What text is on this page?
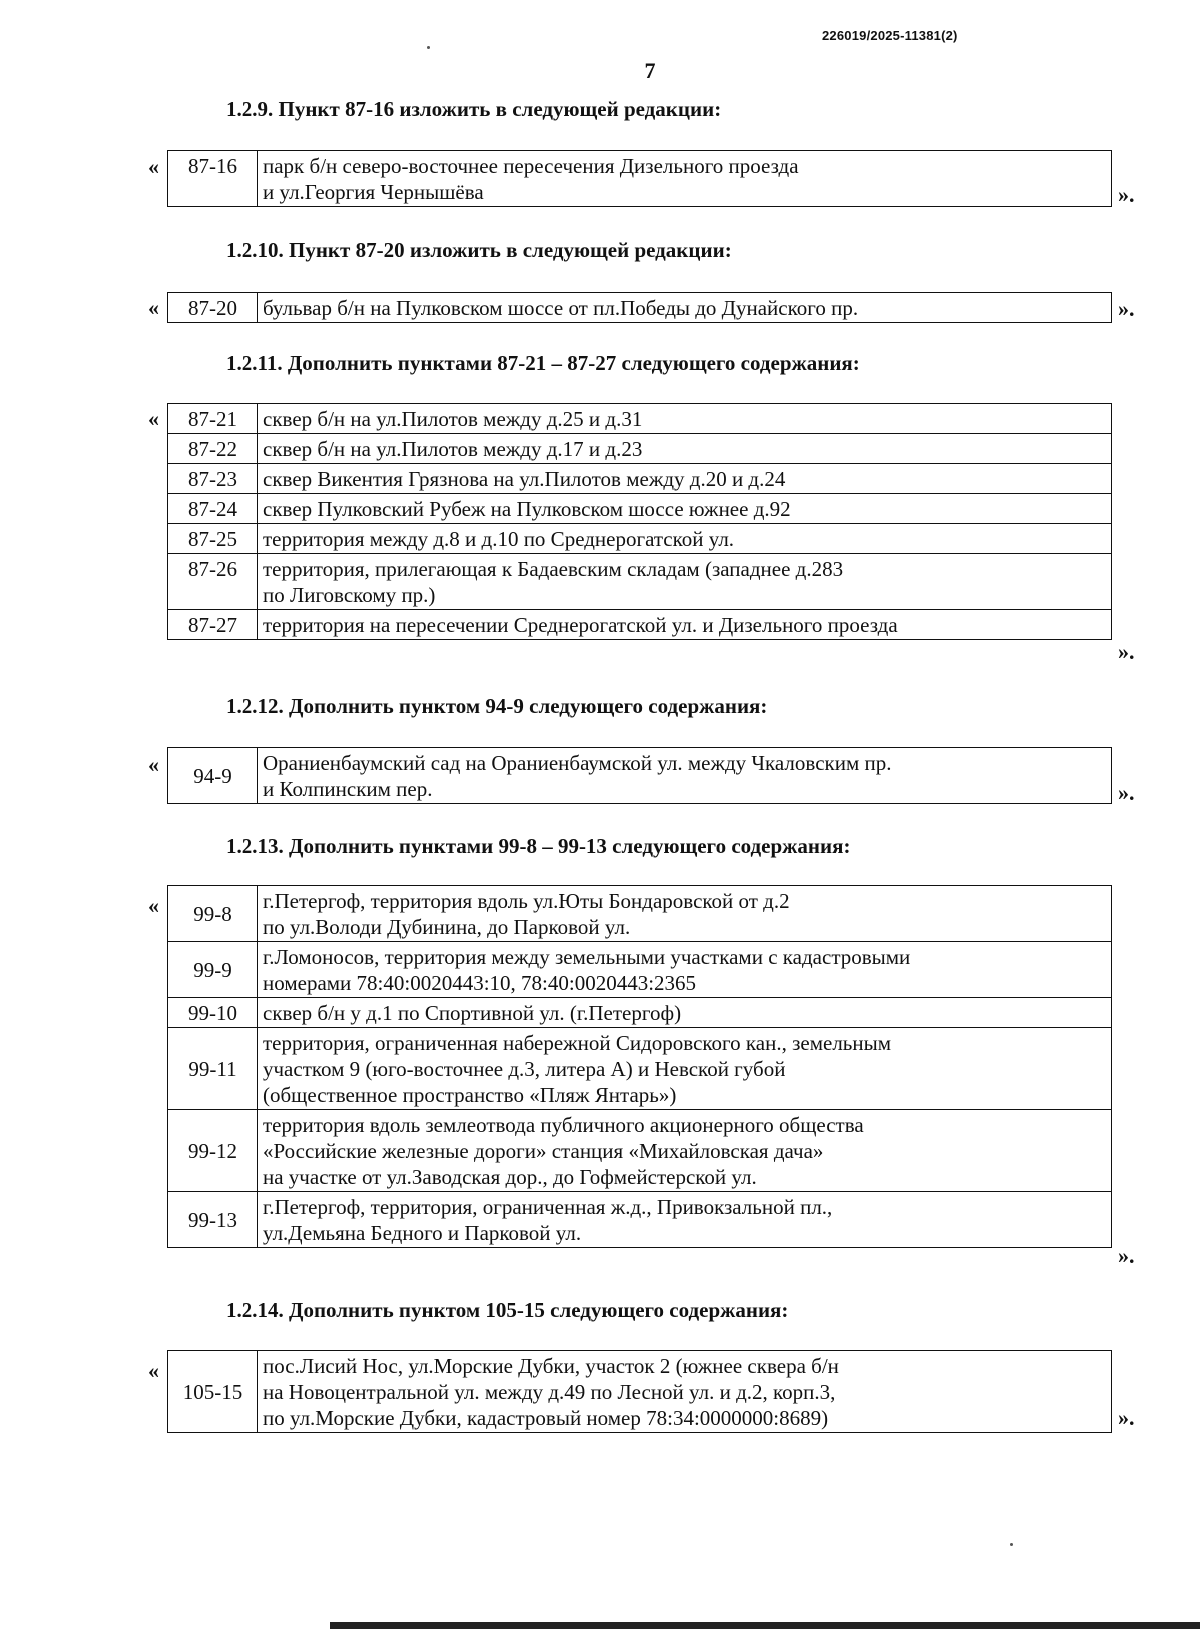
226019/2025-11381(2)
7
1.2.9. Пункт 87-16 изложить в следующей редакции:
« 87-16	парк б/н северо-восточнее пересечения Дизельного проезда
и ул.Георгия Чернышёва	».
1.2.10. Пункт 87-20 изложить в следующей редакции:
« 87-20	бульвар б/н на Пулковском шоссе от пл.Победы до Дунайского пр.	».
1.2.11. Дополнить пунктами 87-21 – 87-27 следующего содержания:
« 87-21	сквер б/н на ул.Пилотов между д.25 и д.31
87-22	сквер б/н на ул.Пилотов между д.17 и д.23
87-23	сквер Викентия Грязнова на ул.Пилотов между д.20 и д.24
87-24	сквер Пулковский Рубеж на Пулковском шоссе южнее д.92
87-25	территория между д.8 и д.10 по Среднерогатской ул.
87-26	территория, прилегающая к Бадаевским складам (западнее д.283
по Лиговскому пр.)
87-27	территория на пересечении Среднерогатской ул. и Дизельного проезда
».
1.2.12. Дополнить пунктом 94-9 следующего содержания:
« 94-9	Ораниенбаумский сад на Ораниенбаумской ул. между Чкаловским пр.
и Колпинским пер.	».
1.2.13. Дополнить пунктами 99-8 – 99-13 следующего содержания:
« 99-8	г.Петергоф, территория вдоль ул.Юты Бондаровской от д.2
по ул.Володи Дубинина, до Парковой ул.
99-9	г.Ломоносов, территория между земельными участками с кадастровыми
номерами 78:40:0020443:10, 78:40:0020443:2365
99-10	сквер б/н у д.1 по Спортивной ул. (г.Петергоф)
99-11	территория, ограниченная набережной Сидоровского кан., земельным
участком 9 (юго-восточнее д.3, литера А) и Невской губой
(общественное пространство «Пляж Янтарь»)
99-12	территория вдоль землеотвода публичного акционерного общества
«Российские железные дороги» станция «Михайловская дача»
на участке от ул.Заводская дор., до Гофмейстерской ул.
99-13	г.Петергоф, территория, ограниченная ж.д., Привокзальной пл.,
ул.Демьяна Бедного и Парковой ул.
».
1.2.14. Дополнить пунктом 105-15 следующего содержания:
«
105-15	пос.Лисий Нос, ул.Морские Дубки, участок 2 (южнее сквера б/н
на Новоцентральной ул. между д.49 по Лесной ул. и д.2, корп.3,
по ул.Морские Дубки, кадастровый номер 78:34:0000000:8689)	».
